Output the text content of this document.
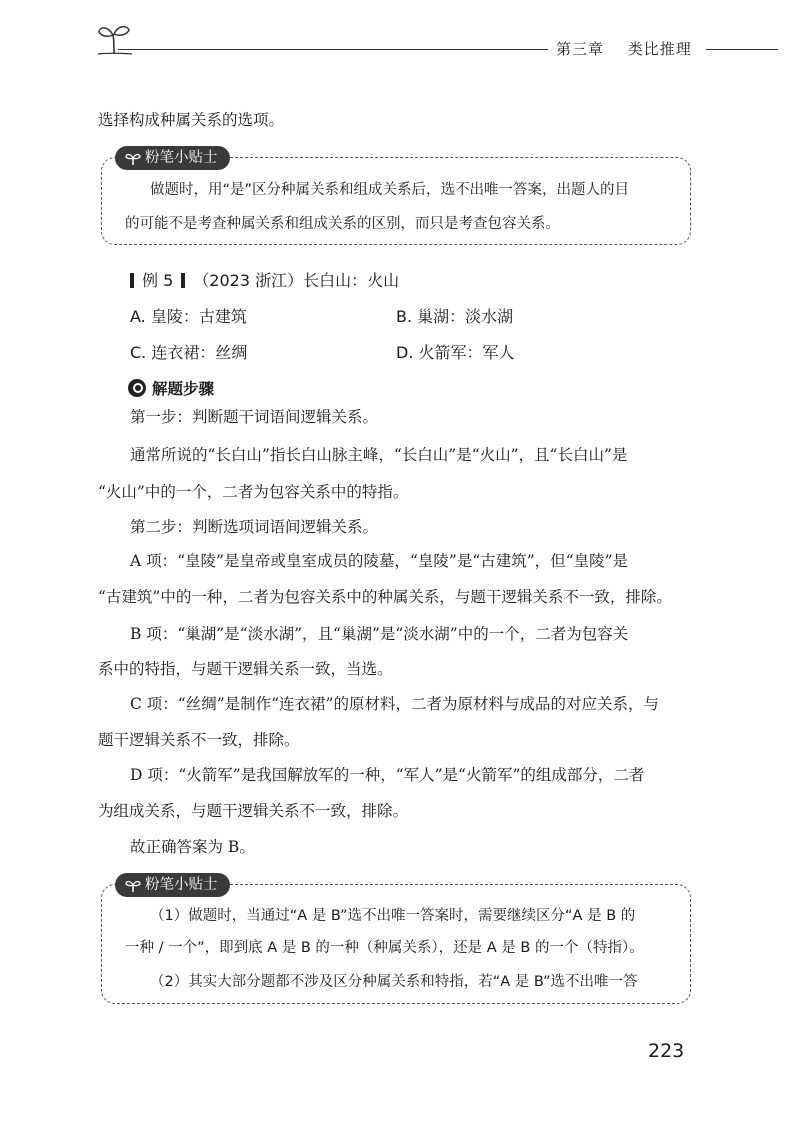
第三章 类比推理
选择构成种属关系的选项。
粉笔小贴士
做题时，用“是”区分种属关系和组成关系后，选不出唯一答案，出题人的目
的可能不是考查种属关系和组成关系的区别，而只是考查包容关系。
例 5 （2023 浙江）长白山：火山
A. 皇陵：古建筑	B. 巢湖：淡水湖
C. 连衣裙：丝绸	D. 火箭军：军人
解题步骤
第一步：判断题干词语间逻辑关系。
通常所说的“长白山”指长白山脉主峰，“长白山”是“火山”，且“长白山”是
“火山”中的一个，二者为包容关系中的特指。
第二步：判断选项词语间逻辑关系。
A 项：“皇陵”是皇帝或皇室成员的陵墓，“皇陵”是“古建筑”，但“皇陵”是
“古建筑”中的一种，二者为包容关系中的种属关系，与题干逻辑关系不一致，排除。
B 项：“巢湖”是“淡水湖”，且“巢湖”是“淡水湖”中的一个，二者为包容关
系中的特指，与题干逻辑关系一致，当选。
C 项：“丝绸”是制作“连衣裙”的原材料，二者为原材料与成品的对应关系，与
题干逻辑关系不一致，排除。
D 项：“火箭军”是我国解放军的一种，“军人”是“火箭军”的组成部分，二者
为组成关系，与题干逻辑关系不一致，排除。
故正确答案为 B。
粉笔小贴士
（1）做题时，当通过“A 是 B”选不出唯一答案时，需要继续区分“A 是 B 的
一种 / 一个”，即到底 A 是 B 的一种（种属关系），还是 A 是 B 的一个（特指）。
（2）其实大部分题都不涉及区分种属关系和特指，若“A 是 B”选不出唯一答
223
